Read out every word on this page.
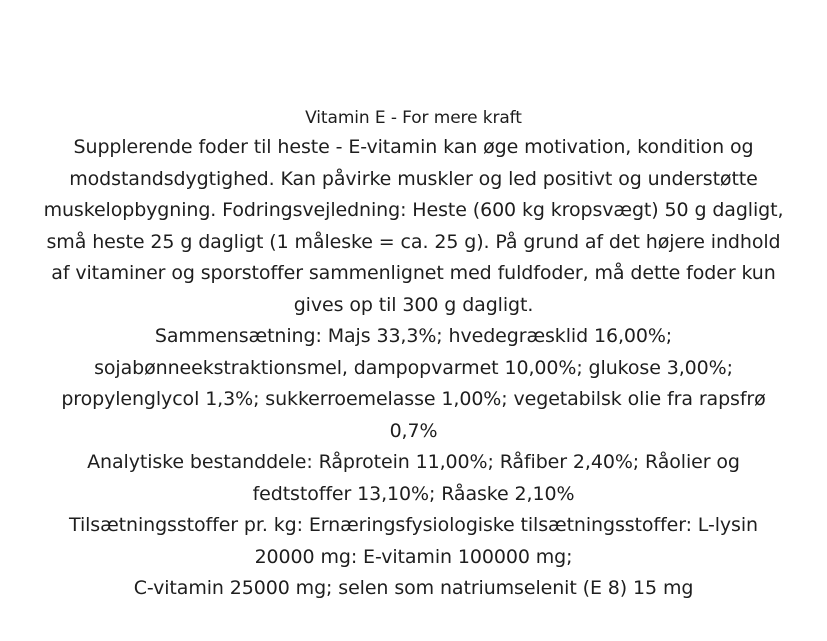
Vitamin E - For mere kraft
Supplerende foder til heste - E-vitamin kan øge motivation, kondition og
modstandsdygtighed. Kan påvirke muskler og led positivt og understøtte
muskelopbygning. Fodringsvejledning: Heste (600 kg kropsvægt) 50 g dagligt,
små heste 25 g dagligt (1 måleske = ca. 25 g). På grund af det højere indhold
af vitaminer og sporstoffer sammenlignet med fuldfoder, må dette foder kun
gives op til 300 g dagligt.
Sammensætning: Majs 33,3%; hvedegræsklid 16,00%;
sojabønneekstraktionsmel, dampopvarmet 10,00%; glukose 3,00%;
propylenglycol 1,3%; sukkerroemelasse 1,00%; vegetabilsk olie fra rapsfrø
0,7%
Analytiske bestanddele: Råprotein 11,00%; Råfiber 2,40%; Råolier og
fedtstoffer 13,10%; Råaske 2,10%
Tilsætningsstoffer pr. kg: Ernæringsfysiologiske tilsætningsstoffer: L-lysin
20000 mg: E-vitamin 100000 mg;
C-vitamin 25000 mg; selen som natriumselenit (E 8) 15 mg
